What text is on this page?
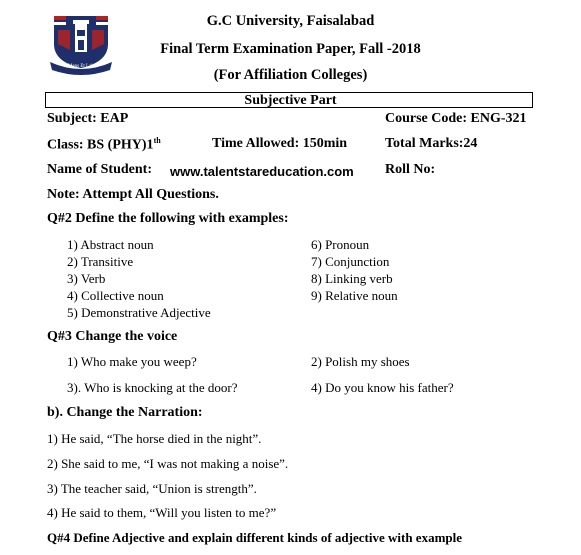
Mens Et Labor
G.C University, Faisalabad
Final Term Examination Paper, Fall -2018
(For Affiliation Colleges)
Subjective Part
Subject: EAP	Course Code: ENG-321
Class: BS (PHY)1th	Time Allowed: 150min	Total Marks:24
Name of Student: www.talentstareducation.com Roll No:
Note: Attempt All Questions.
Q#2 Define the following with examples:
1) Abstract noun
2) Transitive
3) Verb
4) Collective noun
5) Demonstrative Adjective
6) Pronoun
7) Conjunction
8) Linking verb
9) Relative noun
Q#3 Change the voice
1) Who make you weep?	2) Polish my shoes
3). Who is knocking at the door?	4) Do you know his father?
b). Change the Narration:
1) He said, “The horse died in the night”.
2) She said to me, “I was not making a noise”.
3) The teacher said, “Union is strength”.
4) He said to them, “Will you listen to me?”
Q#4 Define Adjective and explain different kinds of adjective with example
